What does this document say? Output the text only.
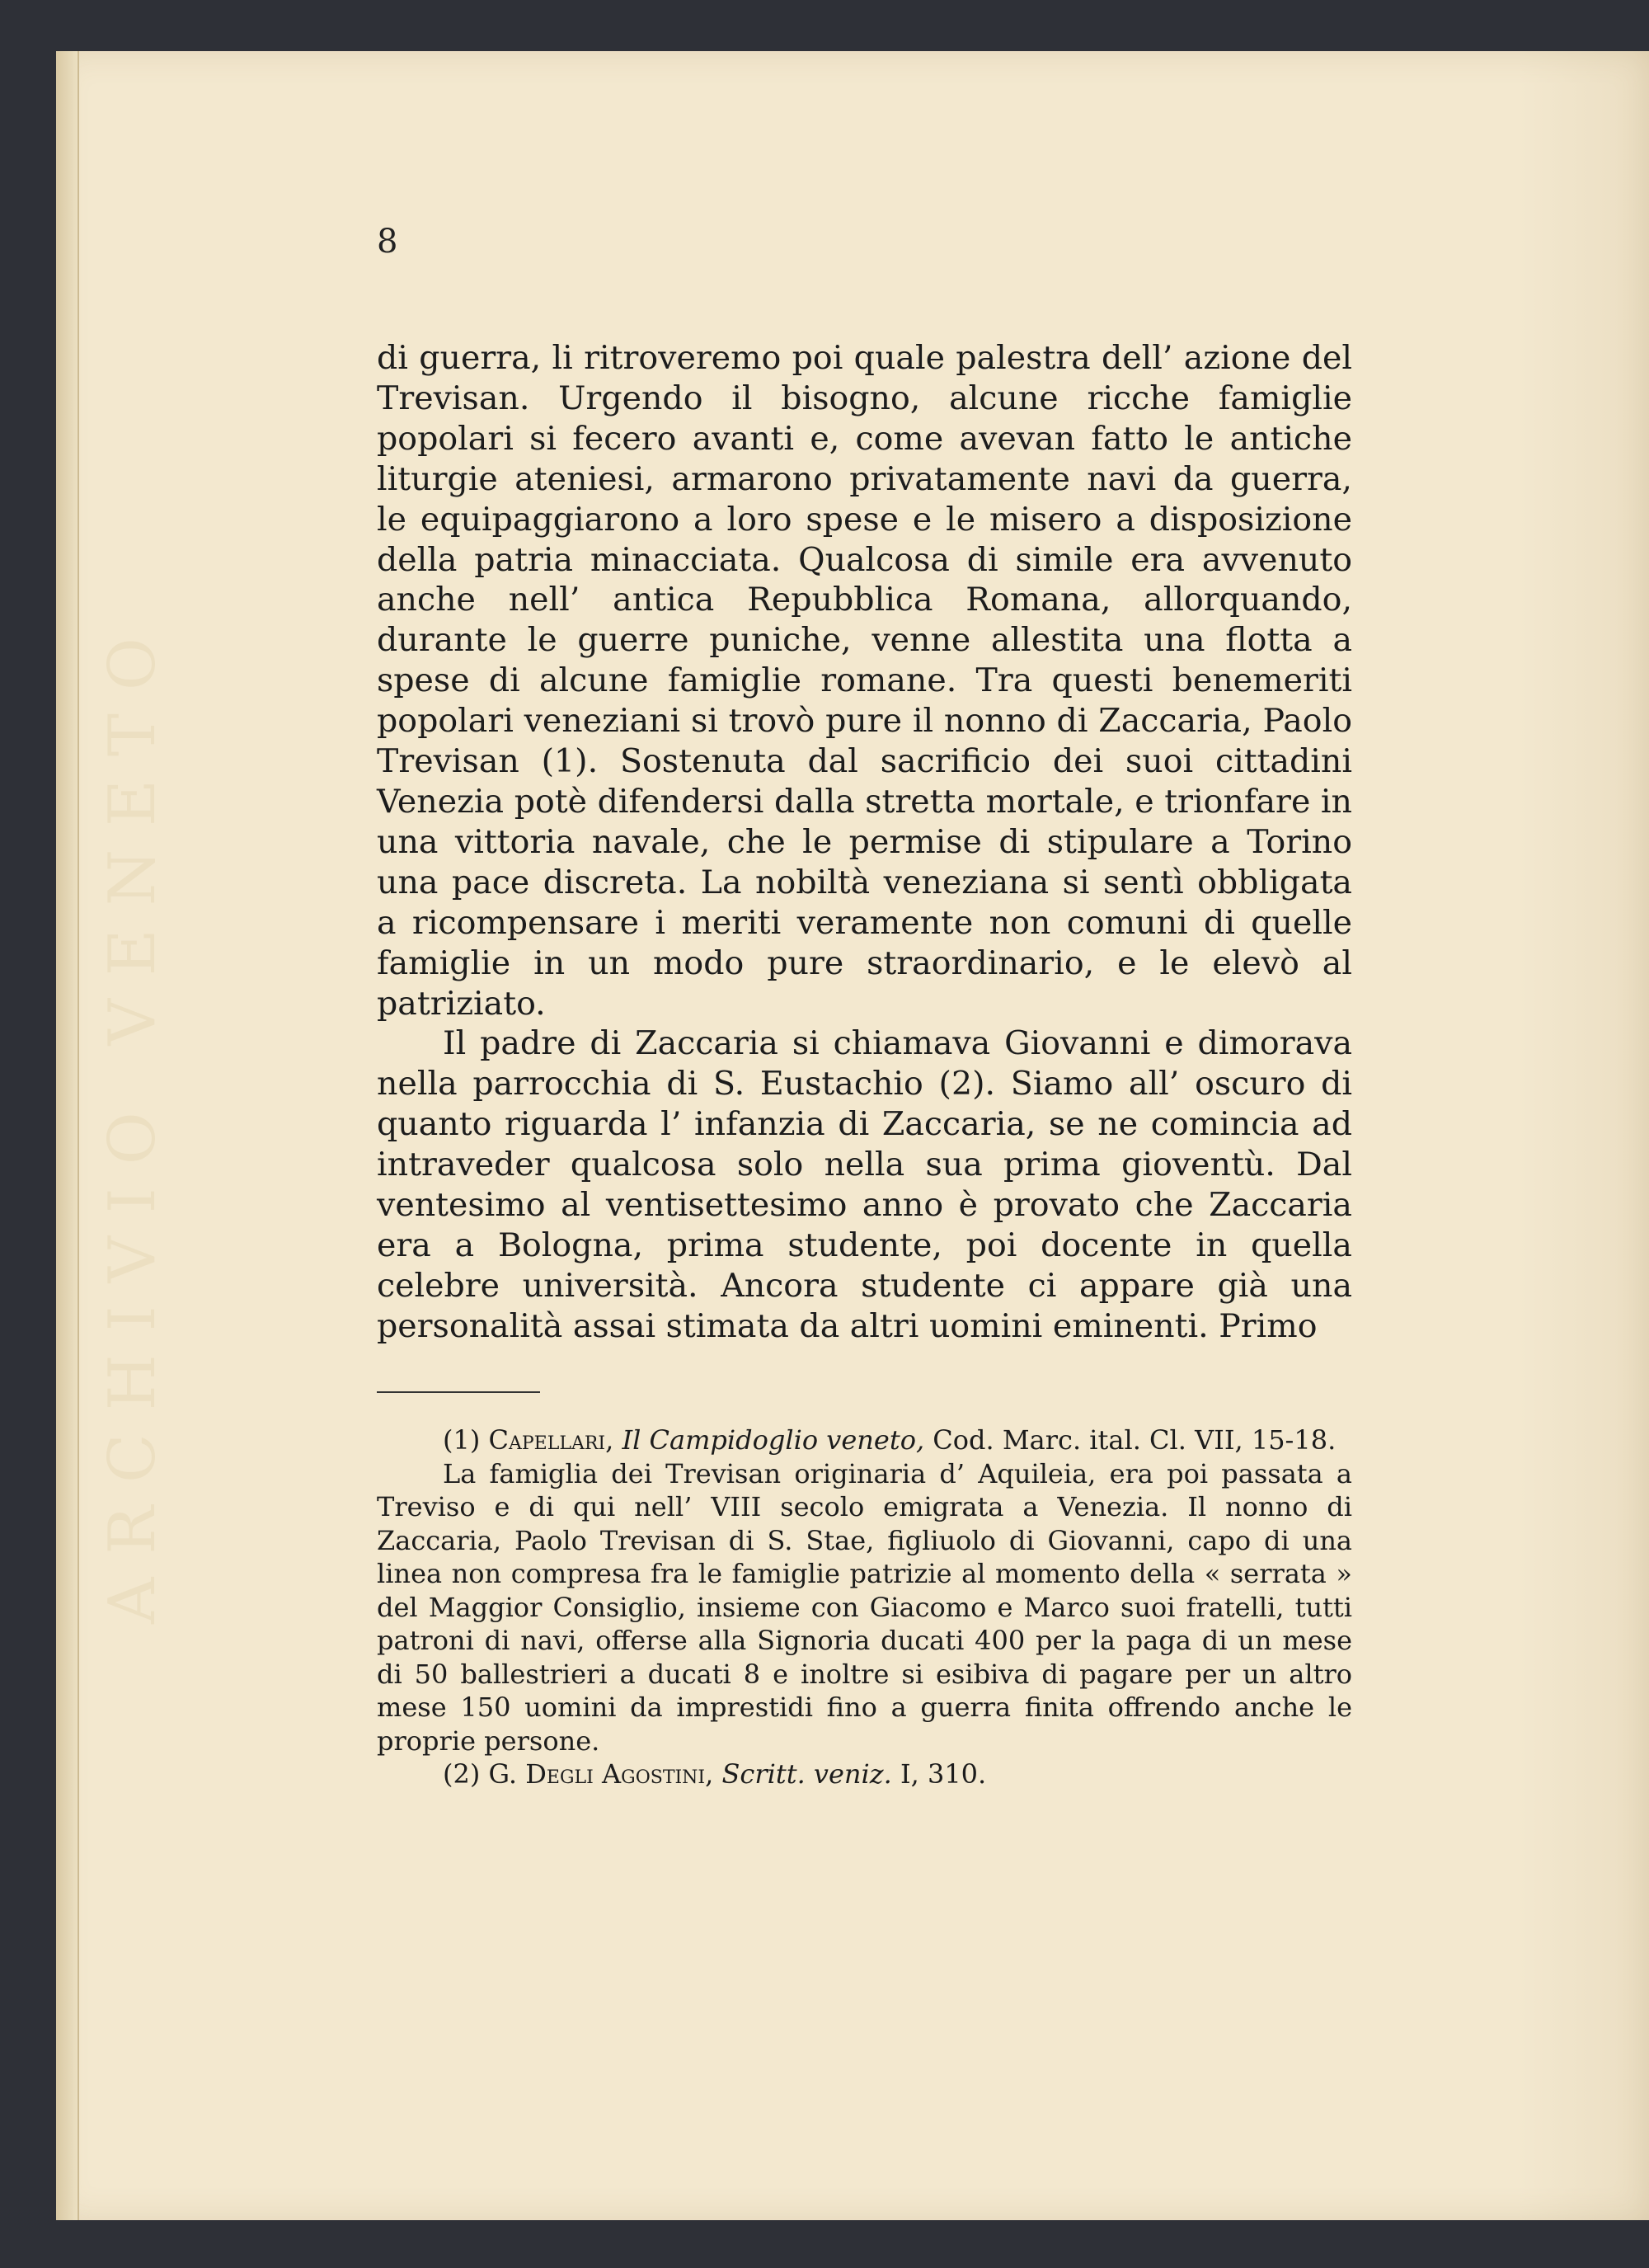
ARCHIVIO VENETO
8

di guerra, li ritroveremo poi quale palestra dell’ azione del Trevisan. Urgendo il bisogno, alcune ricche famiglie popolari si fecero avanti e, come avevan fatto le antiche liturgie ateniesi, armarono privatamente navi da guerra, le equipaggiarono a loro spese e le misero a disposizione della patria minacciata. Qualcosa di simile era avvenuto anche nell’ antica Repubblica Romana, allorquando, durante le guerre puniche, venne allestita una flotta a spese di alcune famiglie romane. Tra questi benemeriti popolari veneziani si trovò pure il nonno di Zaccaria, Paolo Trevisan (1). Sostenuta dal sacrificio dei suoi cittadini Venezia potè difendersi dalla stretta mortale, e trionfare in una vittoria navale, che le permise di stipulare a Torino una pace discreta. La nobiltà veneziana si sentì obbligata a ricompensare i meriti veramente non comuni di quelle famiglie in un modo pure straordinario, e le elevò al patriziato.

Il padre di Zaccaria si chiamava Giovanni e dimorava nella parrocchia di S. Eustachio (2). Siamo all’ oscuro di quanto riguarda l’ infanzia di Zaccaria, se ne comincia ad intraveder qualcosa solo nella sua prima gioventù. Dal ventesimo al ventisettesimo anno è provato che Zaccaria era a Bologna, prima studente, poi docente in quella celebre università. Ancora studente ci appare già una personalità assai stimata da altri uomini eminenti. Primo

(1) Capellari, Il Campidoglio veneto, Cod. Marc. ital. Cl. VII, 15-18.

La famiglia dei Trevisan originaria d’ Aquileia, era poi passata a Treviso e di qui nell’ VIII secolo emigrata a Venezia. Il nonno di Zaccaria, Paolo Trevisan di S. Stae, figliuolo di Giovanni, capo di una linea non compresa fra le famiglie patrizie al momento della « serrata » del Maggior Consiglio, insieme con Giacomo e Marco suoi fratelli, tutti patroni di navi, offerse alla Signoria ducati 400 per la paga di un mese di 50 ballestrieri a ducati 8 e inoltre si esibiva di pagare per un altro mese 150 uomini da imprestidi fino a guerra finita offrendo anche le proprie persone.

(2) G. Degli Agostini, Scritt. veniz. I, 310.
